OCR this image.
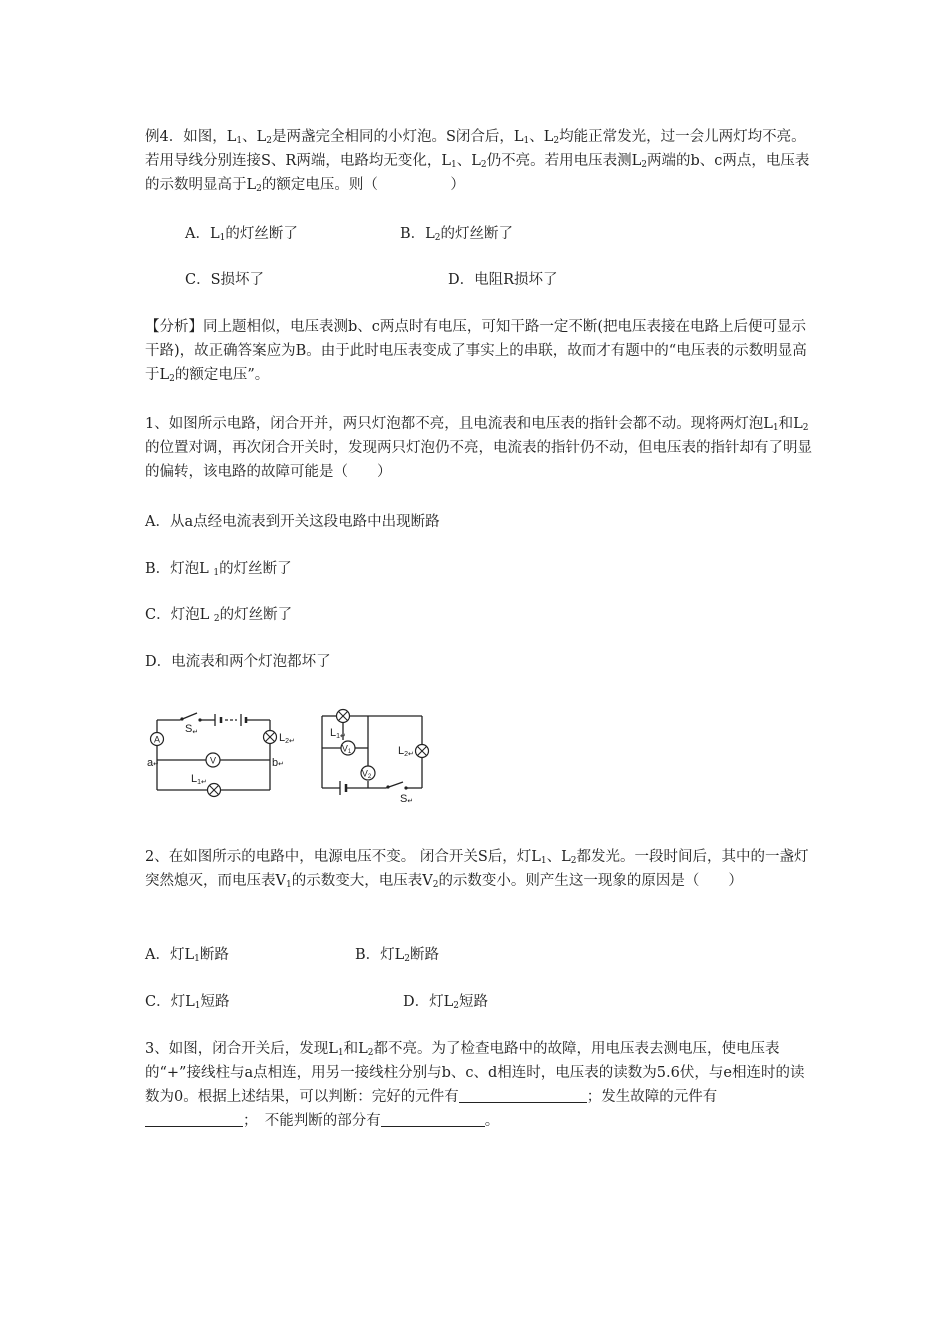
例4．如图，$L_1$、$L_2$是两盏完全相同的小灯泡。S闭合后，$L_1$、$L_2$均能正常发光，过一会儿两灯均不亮。若用导线分别连接S、R两端，电路均无变化，$L_1$、$L_2$仍不亮。若用电压表测$L_2$两端的b、c两点，电压表的示数明显高于$L_2$的额定电压。则（　　　　　）

A．$L_1$的灯丝断了	B．$L_2$的灯丝断了
C．S损坏了	D．电阻R损坏了

【分析】同上题相似，电压表测b、c两点时有电压，可知干路一定不断(把电压表接在电路上后便可显示干路)，故正确答案应为B。由于此时电压表变成了事实上的串联，故而才有题中的“电压表的示数明显高于$L_2$的额定电压”。

1、如图所示电路，闭合开并，两只灯泡都不亮，且电流表和电压表的指针会都不动。现将两灯泡$L_1$和$L_2$的位置对调，再次闭合开关时，发现两只灯泡仍不亮，电流表的指针仍不动，但电压表的指针却有了明显的偏转，该电路的故障可能是（　　）

A．从a点经电流表到开关这段电路中出现断路
B．灯泡L $_1$的灯丝断了
C．灯泡L $_2$的灯丝断了
D．电流表和两个灯泡都坏了
A
V
S↵	L2↵
a↵	b↵
L1↵
V1
V2
L1↵
L2↵
S↵

2、在如图所示的电路中，电源电压不变。 闭合开关S后，灯$L_1$、$L_2$都发光。一段时间后，其中的一盏灯突然熄灭，而电压表$V_1$的示数变大，电压表$V_2$的示数变小。则产生这一现象的原因是（　　）

A．灯$L_1$断路	B．灯$L_2$断路
C．灯$L_1$短路	D．灯$L_2$短路

3、如图，闭合开关后，发现$L_1$和$L_2$都不亮。为了检查电路中的故障，用电压表去测电压，使电压表的“+”接线柱与a点相连，用另一接线柱分别与b、c、d相连时，电压表的读数为5.6伏，与e相连时的读数为0。根据上述结果，可以判断：完好的元件有	；发生故障的元件有；　不能判断的部分有	。
